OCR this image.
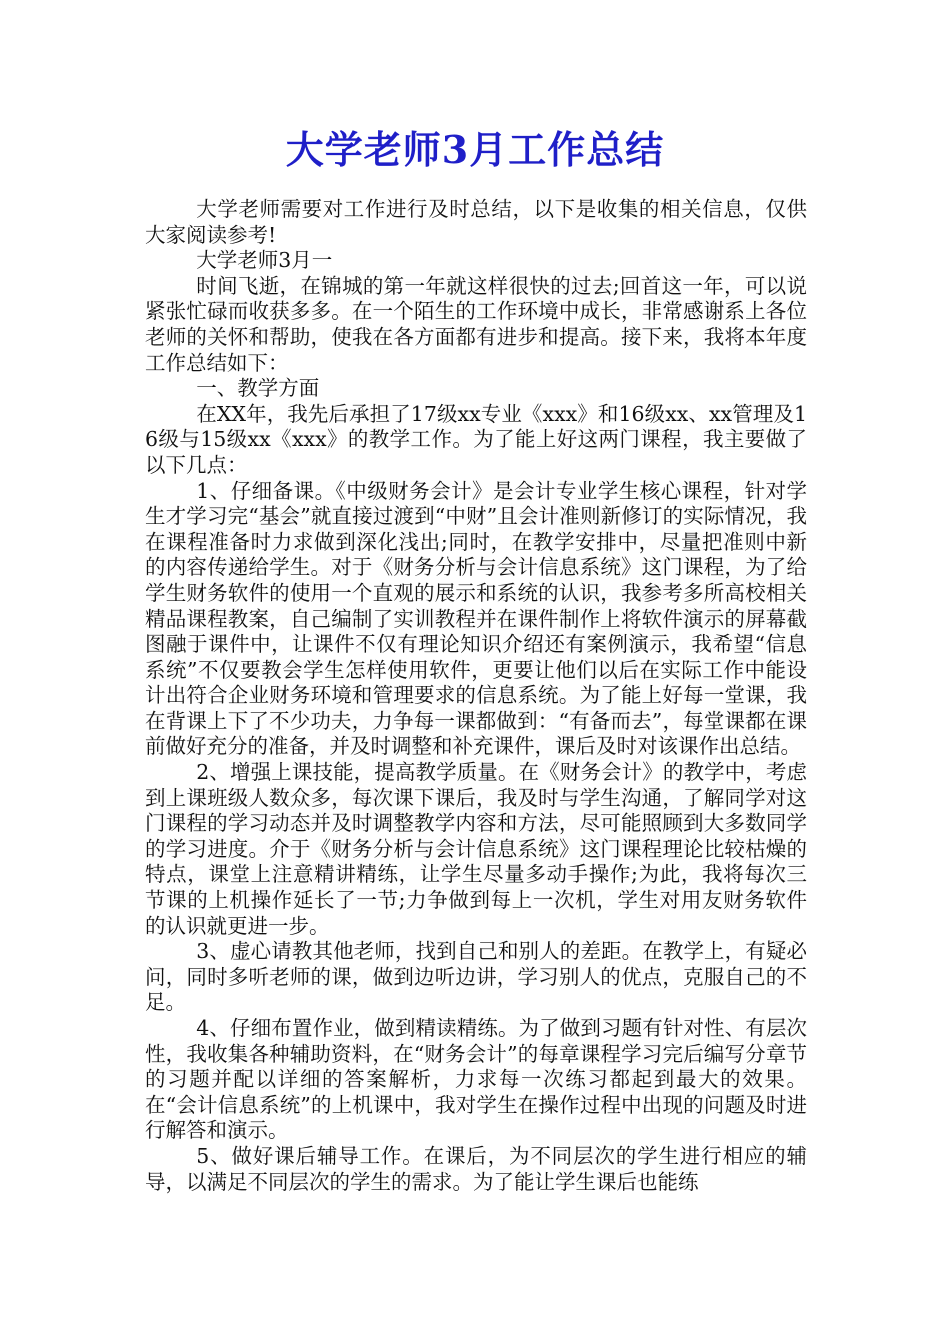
大学老师3月工作总结

大学老师需要对工作进行及时总结，以下是收集的相关信息，仅供大家阅读参考!

大学老师3月一

时间飞逝，在锦城的第一年就这样很快的过去;回首这一年，可以说紧张忙碌而收获多多。在一个陌生的工作环境中成长，非常感谢系上各位老师的关怀和帮助，使我在各方面都有进步和提高。接下来，我将本年度工作总结如下：

一、教学方面

在XX年，我先后承担了17级xx专业《xxx》和16级xx、xx管理及16级与15级xx《xxx》的教学工作。为了能上好这两门课程，我主要做了以下几点：

1、仔细备课。《中级财务会计》是会计专业学生核心课程，针对学生才学习完“基会”就直接过渡到“中财”且会计准则新修订的实际情况，我在课程准备时力求做到深化浅出;同时，在教学安排中，尽量把准则中新的内容传递给学生。对于《财务分析与会计信息系统》这门课程，为了给学生财务软件的使用一个直观的展示和系统的认识，我参考多所高校相关精品课程教案，自己编制了实训教程并在课件制作上将软件演示的屏幕截图融于课件中，让课件不仅有理论知识介绍还有案例演示，我希望“信息系统”不仅要教会学生怎样使用软件，更要让他们以后在实际工作中能设计出符合企业财务环境和管理要求的信息系统。为了能上好每一堂课，我在背课上下了不少功夫，力争每一课都做到：“有备而去”，每堂课都在课前做好充分的准备，并及时调整和补充课件，课后及时对该课作出总结。

2、增强上课技能，提高教学质量。在《财务会计》的教学中，考虑到上课班级人数众多，每次课下课后，我及时与学生沟通，了解同学对这门课程的学习动态并及时调整教学内容和方法，尽可能照顾到大多数同学的学习进度。介于《财务分析与会计信息系统》这门课程理论比较枯燥的特点，课堂上注意精讲精练，让学生尽量多动手操作;为此，我将每次三节课的上机操作延长了一节;力争做到每上一次机，学生对用友财务软件的认识就更进一步。

3、虚心请教其他老师，找到自己和别人的差距。在教学上，有疑必问，同时多听老师的课，做到边听边讲，学习别人的优点，克服自己的不足。

4、仔细布置作业，做到精读精练。为了做到习题有针对性、有层次性，我收集各种辅助资料，在“财务会计”的每章课程学习完后编写分章节的习题并配以详细的答案解析，力求每一次练习都起到最大的效果。在“会计信息系统”的上机课中，我对学生在操作过程中出现的问题及时进行解答和演示。

5、做好课后辅导工作。在课后，为不同层次的学生进行相应的辅导，以满足不同层次的学生的需求。为了能让学生课后也能练
